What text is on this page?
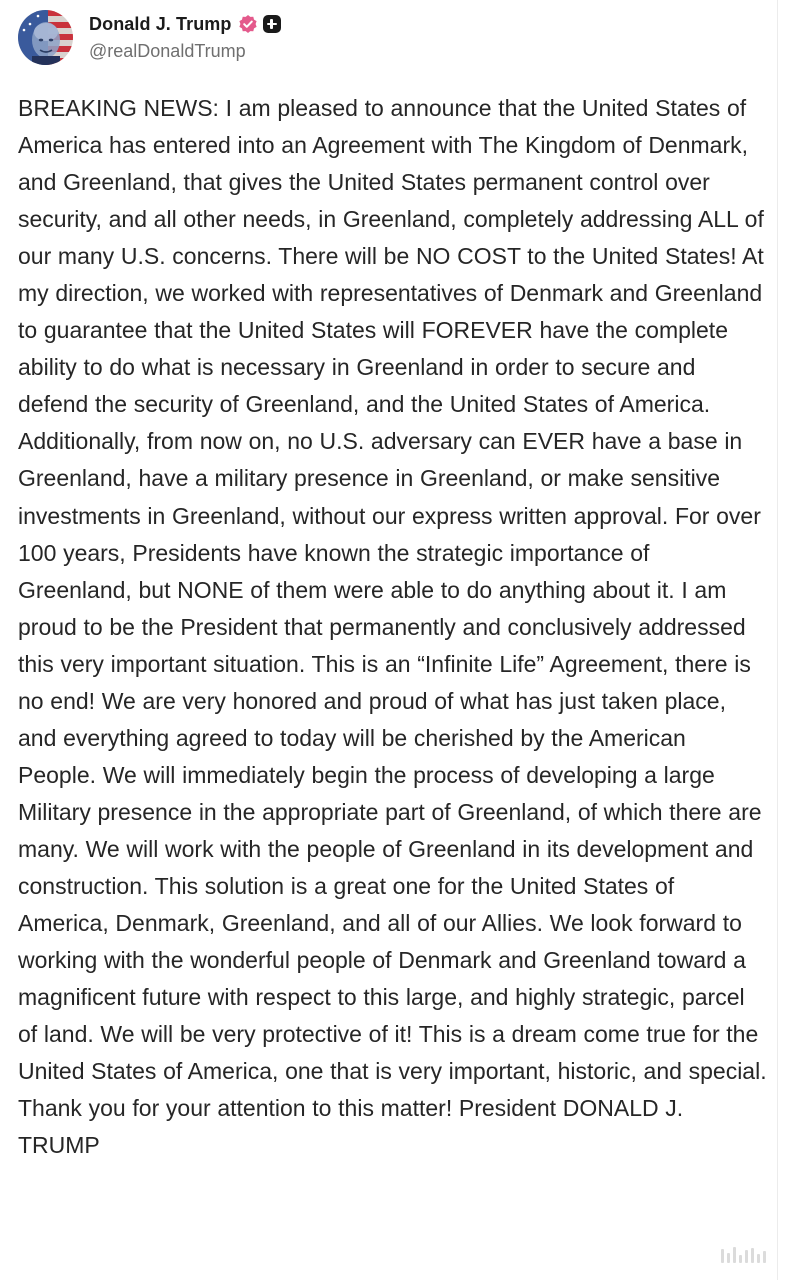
Donald J. Trump
@realDonaldTrump
BREAKING NEWS: I am pleased to announce that the United States of America has entered into an Agreement with The Kingdom of Denmark, and Greenland, that gives the United States permanent control over security, and all other needs, in Greenland, completely addressing ALL of our many U.S. concerns. There will be NO COST to the United States! At my direction, we worked with representatives of Denmark and Greenland to guarantee that the United States will FOREVER have the complete ability to do what is necessary in Greenland in order to secure and defend the security of Greenland, and the United States of America. Additionally, from now on, no U.S. adversary can EVER have a base in Greenland, have a military presence in Greenland, or make sensitive investments in Greenland, without our express written approval. For over 100 years, Presidents have known the strategic importance of Greenland, but NONE of them were able to do anything about it. I am proud to be the President that permanently and conclusively addressed this very important situation. This is an “Infinite Life” Agreement, there is no end! We are very honored and proud of what has just taken place, and everything agreed to today will be cherished by the American People. We will immediately begin the process of developing a large Military presence in the appropriate part of Greenland, of which there are many. We will work with the people of Greenland in its development and construction. This solution is a great one for the United States of America, Denmark, Greenland, and all of our Allies. We look forward to working with the wonderful people of Denmark and Greenland toward a magnificent future with respect to this large, and highly strategic, parcel of land. We will be very protective of it! This is a dream come true for the United States of America, one that is very important, historic, and special. Thank you for your attention to this matter! President DONALD J. TRUMP
